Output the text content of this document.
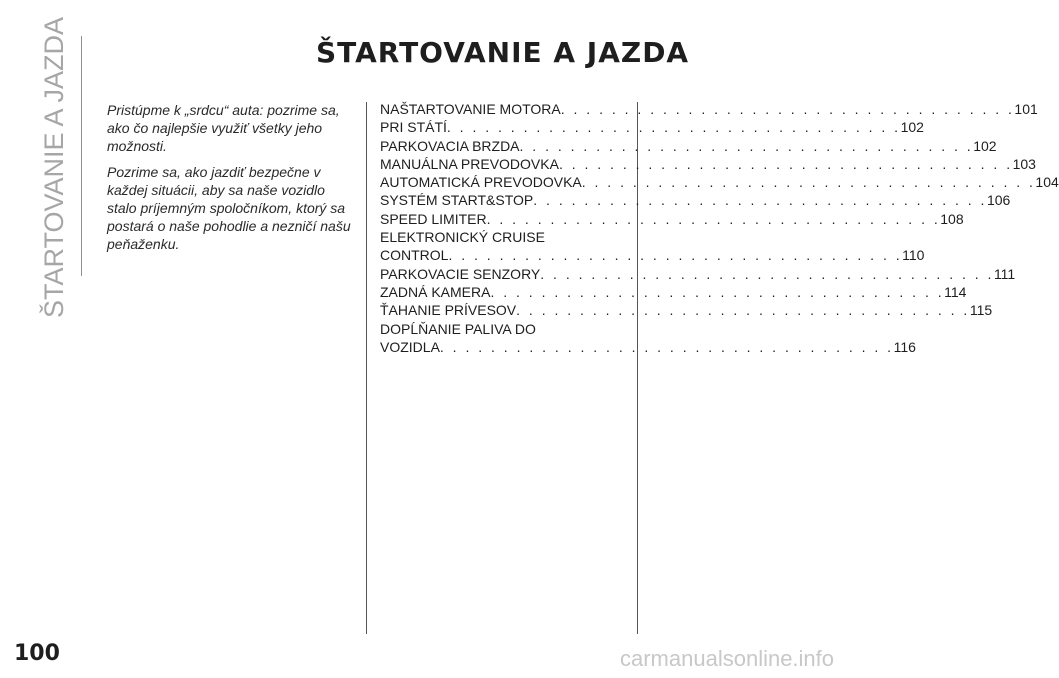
ŠTARTOVANIE A JAZDA	ŠTARTOVANIE A JAZDA

Pristúpme k „srdcu“ auta: pozrime sa, ako čo najlepšie využiť všetky jeho možnosti.

Pozrime sa, ako jazdiť bezpečne v každej situácii, aby sa naše vozidlo stalo príjemným spoločníkom, ktorý sa postará o naše pohodlie a nezničí našu peňaženku.

NAŠTARTOVANIE MOTORA . . . . . . . . . . . . . . . . . . . . . . . . . . . . . . . . . . . . 101
PRI STÁTÍ . . . . . . . . . . . . . . . . . . . . . . . . . . . . . . . . . . . . 102
PARKOVACIA BRZDA . . . . . . . . . . . . . . . . . . . . . . . . . . . . . . . . . . . . 102
MANUÁLNA PREVODOVKA . . . . . . . . . . . . . . . . . . . . . . . . . . . . . . . . . . . . 103
AUTOMATICKÁ PREVODOVKA . . . . . . . . . . . . . . . . . . . . . . . . . . . . . . . . . . . . 104
SYSTÉM START&STOP . . . . . . . . . . . . . . . . . . . . . . . . . . . . . . . . . . . . 106
SPEED LIMITER . . . . . . . . . . . . . . . . . . . . . . . . . . . . . . . . . . . . 108
ELEKTRONICKÝ CRUISE
CONTROL . . . . . . . . . . . . . . . . . . . . . . . . . . . . . . . . . . . . 110
PARKOVACIE SENZORY . . . . . . . . . . . . . . . . . . . . . . . . . . . . . . . . . . . . 111
ZADNÁ KAMERA . . . . . . . . . . . . . . . . . . . . . . . . . . . . . . . . . . . . 114
ŤAHANIE PRÍVESOV . . . . . . . . . . . . . . . . . . . . . . . . . . . . . . . . . . . . 115
DOPĹŇANIE PALIVA DO
VOZIDLA . . . . . . . . . . . . . . . . . . . . . . . . . . . . . . . . . . . . 116
100	carmanualsonline.info
